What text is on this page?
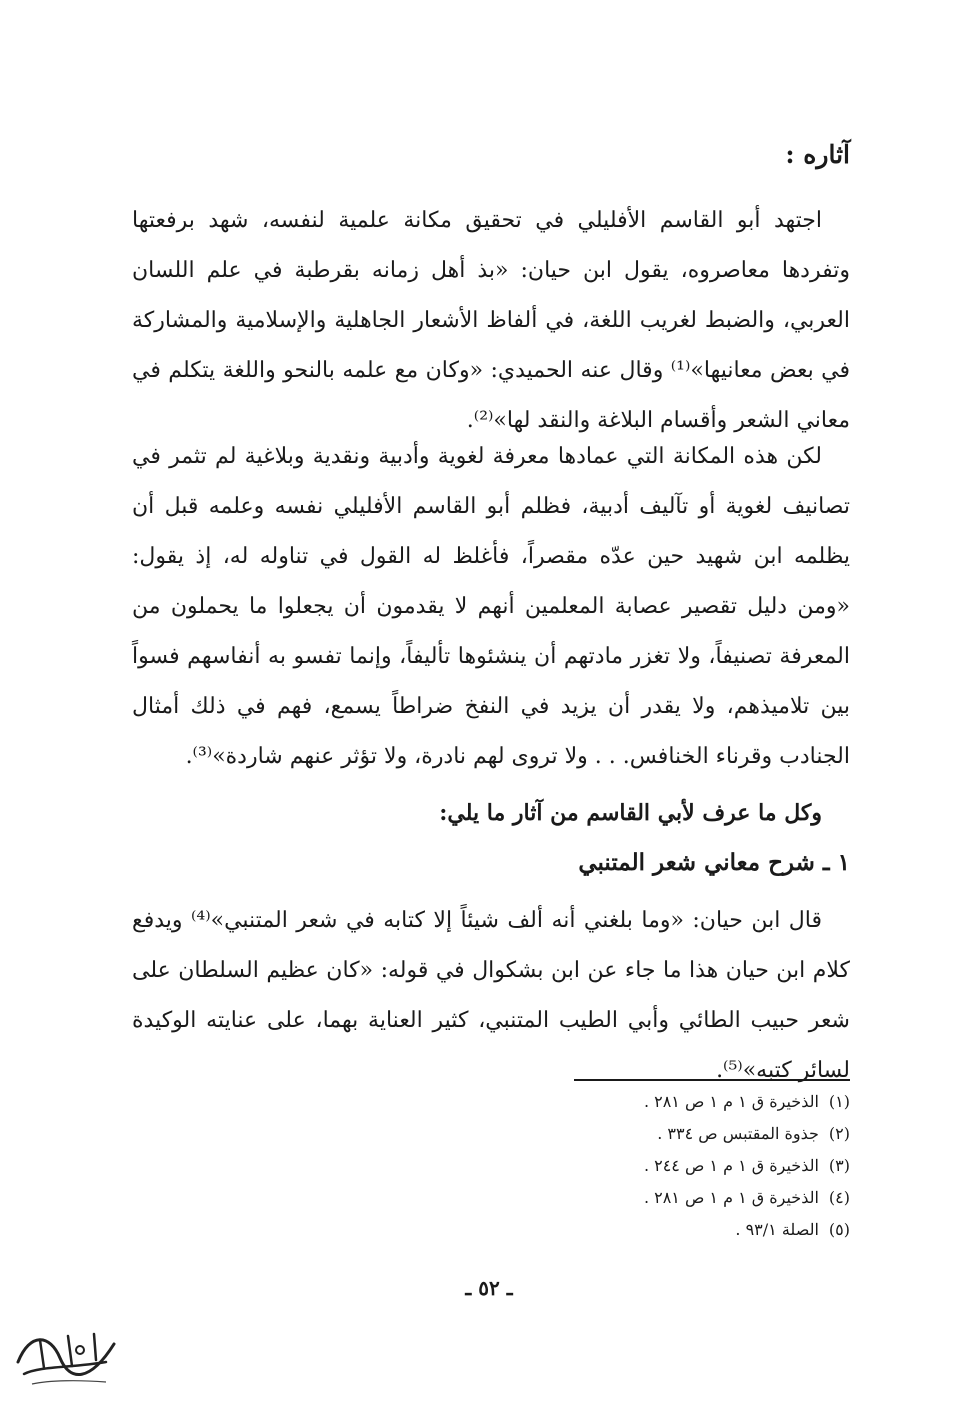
آثاره :

اجتهد أبو القاسم الأفليلي في تحقيق مكانة علمية لنفسه، شهد برفعتها وتفردها معاصروه، يقول ابن حيان: «بذ أهل زمانه بقرطبة في علم اللسان العربي، والضبط لغريب اللغة، في ألفاظ الأشعار الجاهلية والإسلامية والمشاركة في بعض معانيها»⁽¹⁾ وقال عنه الحميدي: «وكان مع علمه بالنحو واللغة يتكلم في معاني الشعر وأقسام البلاغة والنقد لها»⁽²⁾.

لكن هذه المكانة التي عمادها معرفة لغوية وأدبية ونقدية وبلاغية لم تثمر في تصانيف لغوية أو تآليف أدبية، فظلم أبو القاسم الأفليلي نفسه وعلمه قبل أن يظلمه ابن شهيد حين عدّه مقصراً، فأغلظ له القول في تناوله له، إذ يقول: «ومن دليل تقصير عصابة المعلمين أنهم لا يقدمون أن يجعلوا ما يحملون من المعرفة تصنيفاً، ولا تغزر مادتهم أن ينشئوها تأليفاً، وإنما تفسو به أنفاسهم فسواً بين تلاميذهم، ولا يقدر أن يزيد في النفخ ضراطاً يسمع، فهم في ذلك أمثال الجنادب وقرناء الخنافس. . . ولا تروى لهم نادرة، ولا تؤثر عنهم شاردة»⁽³⁾.

وكل ما عرف لأبي القاسم من آثار ما يلي:

١ ـ شرح معاني شعر المتنبي

قال ابن حيان: «وما بلغني أنه ألف شيئاً إلا كتابه في شعر المتنبي»⁽⁴⁾ ويدفع كلام ابن حيان هذا ما جاء عن ابن بشكوال في قوله: «كان عظيم السلطان على شعر حبيب الطائي وأبي الطيب المتنبي، كثير العناية بهما، على عنايته الوكيدة لسائر كتبه»⁽⁵⁾.

(١)الذخيرة ق ١ م ١ ص ٢٨١ .
(٢)جذوة المقتبس ص ٣٣٤ .
(٣)الذخيرة ق ١ م ١ ص ٢٤٤ .
(٤)الذخيرة ق ١ م ١ ص ٢٨١ .
(٥)الصلة ٩٣/١ .
ـ ٥٢ ـ
